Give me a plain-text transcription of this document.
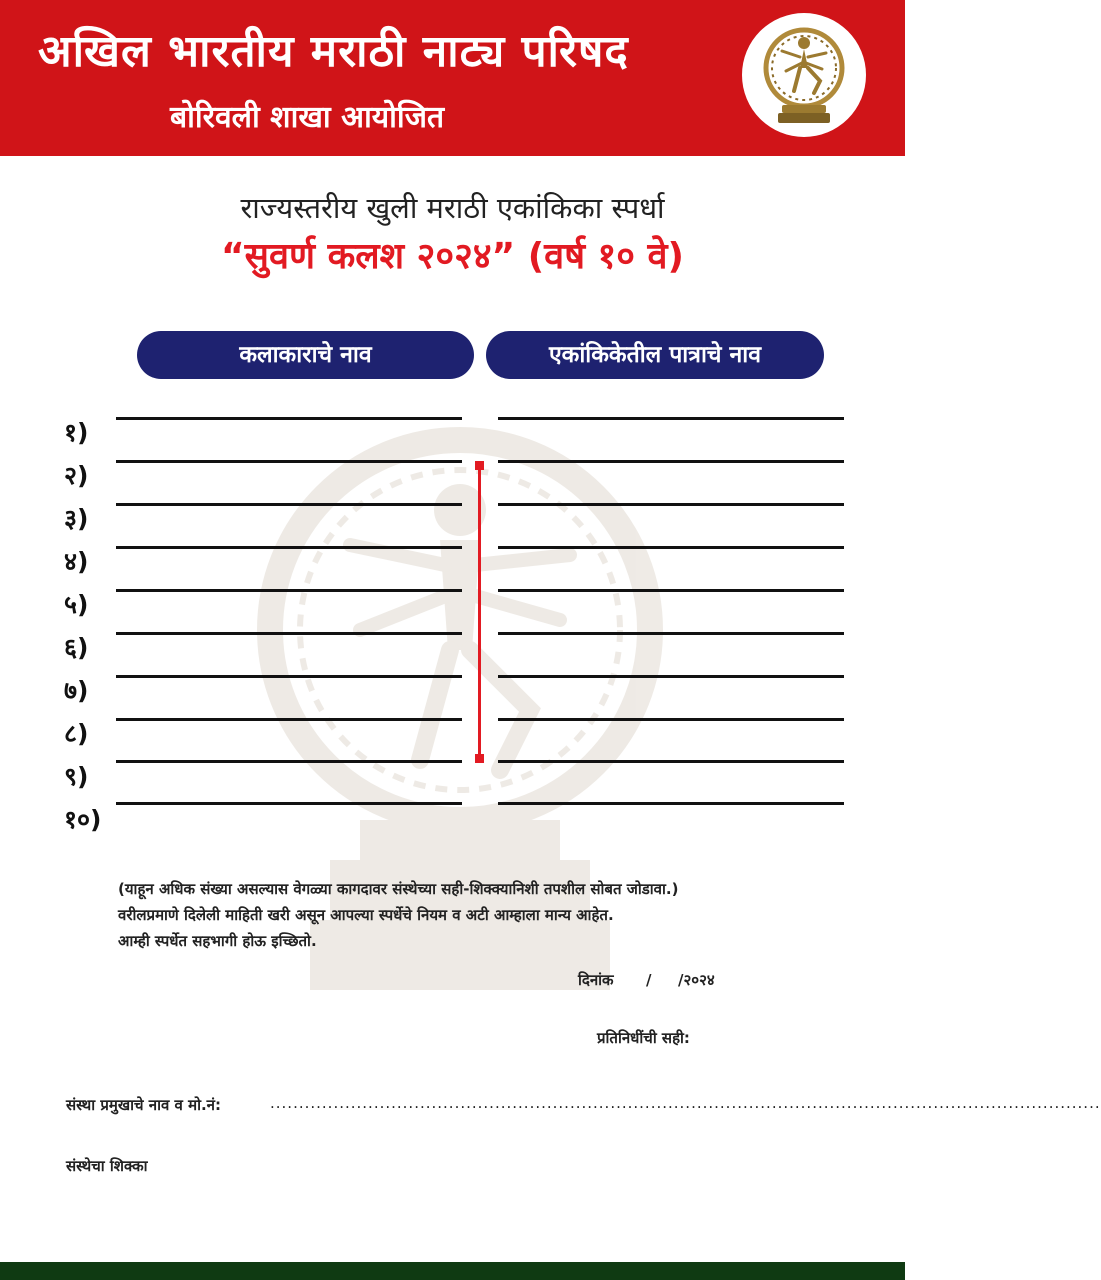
अखिल भारतीय मराठी नाट्य परिषद
बोरिवली शाखा आयोजित
राज्यस्तरीय खुली मराठी एकांकिका स्पर्धा
“सुवर्ण कलश २०२४” (वर्ष १० वे)
कलाकाराचे नाव	एकांकिकेतील पात्राचे नाव
१)
२)
३)
४)
५)
६)
७)
८)
९)
१०)
(याहून अधिक संख्या असल्यास वेगळ्या कागदावर संस्थेच्या सही-शिक्क्यानिशी तपशील सोबत जोडावा.)
वरीलप्रमाणे दिलेली माहिती खरी असून आपल्या स्पर्धेचे नियम व अटी आम्हाला मान्य आहेत.
आम्ही स्पर्धेत सहभागी होऊ इच्छितो.
दिनांक / /२०२४
प्रतिनिधींची सही:
संस्था प्रमुखाचे नाव व मो.नं:	................................................................................................................................................
संस्थेचा शिक्का
